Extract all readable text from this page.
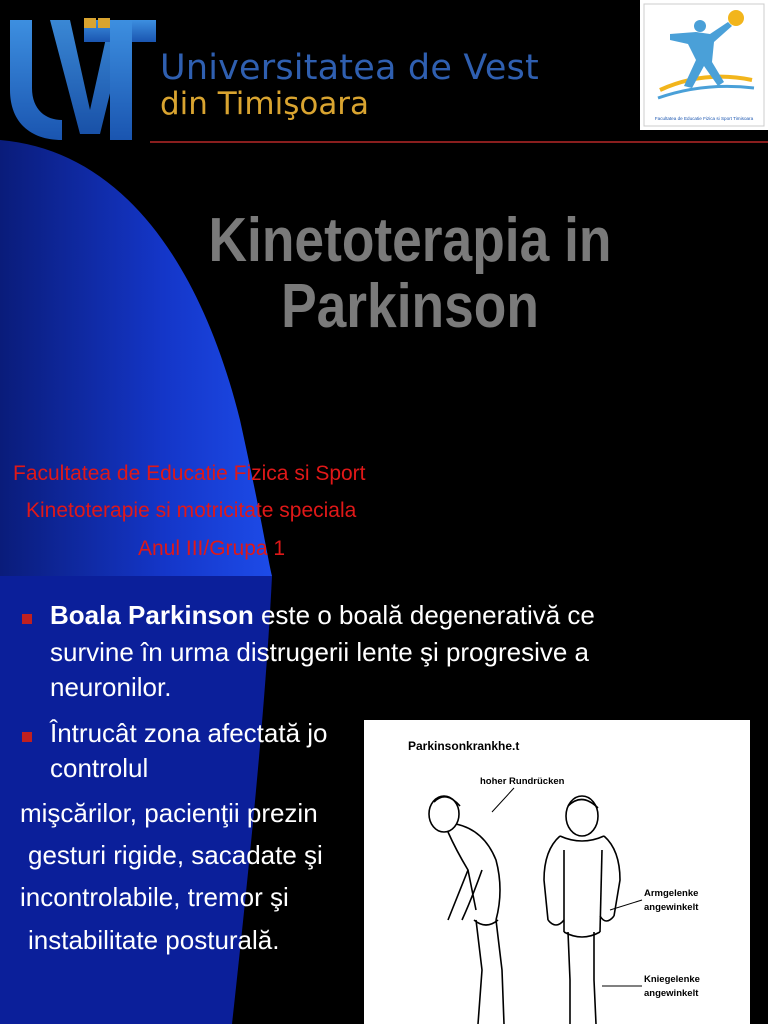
Universitatea de Vest
din Timişoara	Facultatea de Educatie Fizica si Sport Timisoara
Kinetoterapia in
Parkinson
Facultatea de Educatie Fizica si Sport
Kinetoterapie si motricitate speciala
Anul III/Grupa 1
Boala Parkinson este o boală degenerativă ce
survine în urma distrugerii lente şi progresive a
neuronilor.
Întrucât zona afectată jo
controlul
mişcărilor, pacienţii prezin
gesturi rigide, sacadate şi
incontrolabile, tremor şi
instabilitate posturală.
Parkinsonkrankhe.t
hoher Rundrücken
Armgelenke
angewinkelt
Kniegelenke
angewinkelt
